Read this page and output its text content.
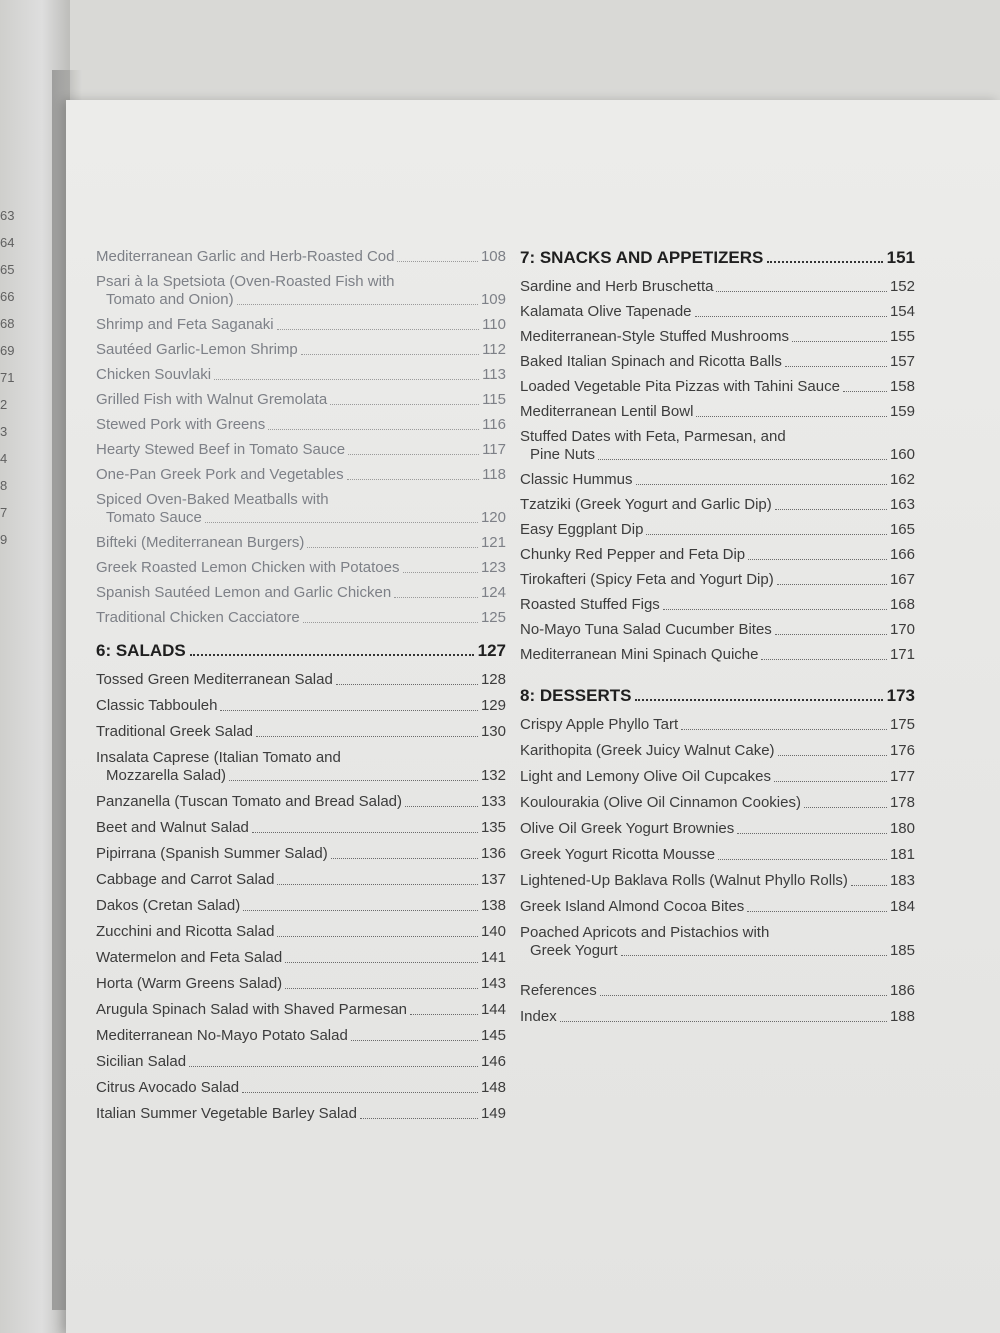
63
64
65
66
68
69
71
2
3
4
8
7
9
Mediterranean Garlic and Herb-Roasted Cod	108
Psari à la Spetsiota (Oven-Roasted Fish with
Tomato and Onion)	109
Shrimp and Feta Saganaki	110
Sautéed Garlic-Lemon Shrimp	112
Chicken Souvlaki	113
Grilled Fish with Walnut Gremolata	115
Stewed Pork with Greens	116
Hearty Stewed Beef in Tomato Sauce	117
One-Pan Greek Pork and Vegetables	118
Spiced Oven-Baked Meatballs with
Tomato Sauce	120
Bifteki (Mediterranean Burgers)	121
Greek Roasted Lemon Chicken with Potatoes	123
Spanish Sautéed Lemon and Garlic Chicken	124
Traditional Chicken Cacciatore	125
6: SALADS	127
Tossed Green Mediterranean Salad	128
Classic Tabbouleh	129
Traditional Greek Salad	130
Insalata Caprese (Italian Tomato and
Mozzarella Salad)	132
Panzanella (Tuscan Tomato and Bread Salad)	133
Beet and Walnut Salad	135
Pipirrana (Spanish Summer Salad)	136
Cabbage and Carrot Salad	137
Dakos (Cretan Salad)	138
Zucchini and Ricotta Salad	140
Watermelon and Feta Salad	141
Horta (Warm Greens Salad)	143
Arugula Spinach Salad with Shaved Parmesan	144
Mediterranean No-Mayo Potato Salad	145
Sicilian Salad	146
Citrus Avocado Salad	148
Italian Summer Vegetable Barley Salad	149
7: SNACKS AND APPETIZERS	151
Sardine and Herb Bruschetta	152
Kalamata Olive Tapenade	154
Mediterranean-Style Stuffed Mushrooms	155
Baked Italian Spinach and Ricotta Balls	157
Loaded Vegetable Pita Pizzas with Tahini Sauce	158
Mediterranean Lentil Bowl	159
Stuffed Dates with Feta, Parmesan, and
Pine Nuts	160
Classic Hummus	162
Tzatziki (Greek Yogurt and Garlic Dip)	163
Easy Eggplant Dip	165
Chunky Red Pepper and Feta Dip	166
Tirokafteri (Spicy Feta and Yogurt Dip)	167
Roasted Stuffed Figs	168
No-Mayo Tuna Salad Cucumber Bites	170
Mediterranean Mini Spinach Quiche	171
8: DESSERTS	173
Crispy Apple Phyllo Tart	175
Karithopita (Greek Juicy Walnut Cake)	176
Light and Lemony Olive Oil Cupcakes	177
Koulourakia (Olive Oil Cinnamon Cookies)	178
Olive Oil Greek Yogurt Brownies	180
Greek Yogurt Ricotta Mousse	181
Lightened-Up Baklava Rolls (Walnut Phyllo Rolls)	183
Greek Island Almond Cocoa Bites	184
Poached Apricots and Pistachios with
Greek Yogurt	185
References	186
Index	188
